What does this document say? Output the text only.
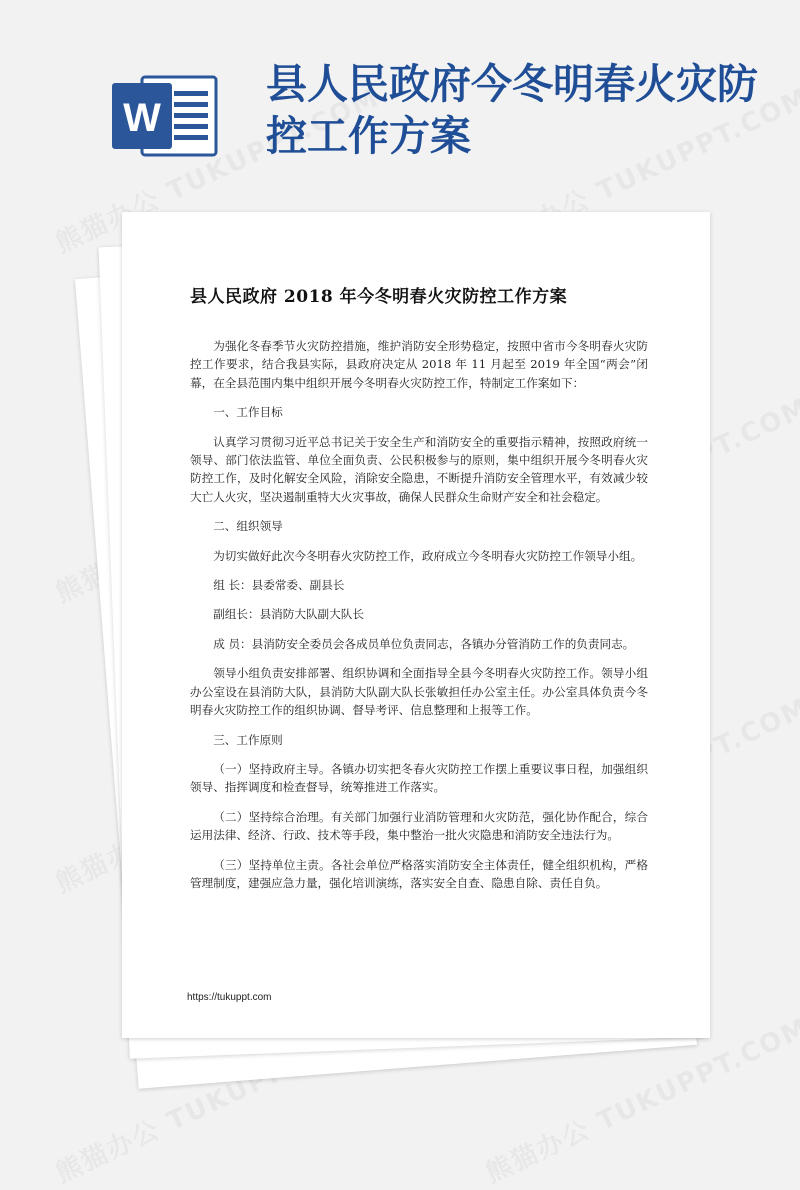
W
县人民政府今冬明春火灾防控工作方案
县人民政府 2018 年今冬明春火灾防控工作方案

为强化冬春季节火灾防控措施，维护消防安全形势稳定，按照中省市今冬明春火灾防控工作要求，结合我县实际，县政府决定从 2018 年 11 月起至 2019 年全国“两会”闭幕，在全县范围内集中组织开展今冬明春火灾防控工作，特制定工作案如下：

一、工作目标

认真学习贯彻习近平总书记关于安全生产和消防安全的重要指示精神，按照政府统一领导、部门依法监管、单位全面负责、公民积极参与的原则，集中组织开展今冬明春火灾防控工作，及时化解安全风险，消除安全隐患，不断提升消防安全管理水平，有效减少较大亡人火灾，坚决遏制重特大火灾事故，确保人民群众生命财产安全和社会稳定。

二、组织领导

为切实做好此次今冬明春火灾防控工作，政府成立今冬明春火灾防控工作领导小组。

组 长：县委常委、副县长

副组长：县消防大队副大队长

成 员：县消防安全委员会各成员单位负责同志，各镇办分管消防工作的负责同志。

领导小组负责安排部署、组织协调和全面指导全县今冬明春火灾防控工作。领导小组办公室设在县消防大队，县消防大队副大队长张敏担任办公室主任。办公室具体负责今冬明春火灾防控工作的组织协调、督导考评、信息整理和上报等工作。

三、工作原则

（一）坚持政府主导。各镇办切实把冬春火灾防控工作摆上重要议事日程，加强组织领导、指挥调度和检查督导，统筹推进工作落实。

（二）坚持综合治理。有关部门加强行业消防管理和火灾防范，强化协作配合，综合运用法律、经济、行政、技术等手段，集中整治一批火灾隐患和消防安全违法行为。

（三）坚持单位主责。各社会单位严格落实消防安全主体责任，健全组织机构，严格管理制度，建强应急力量，强化培训演练，落实安全自查、隐患自除、责任自负。

https://tukuppt.com
